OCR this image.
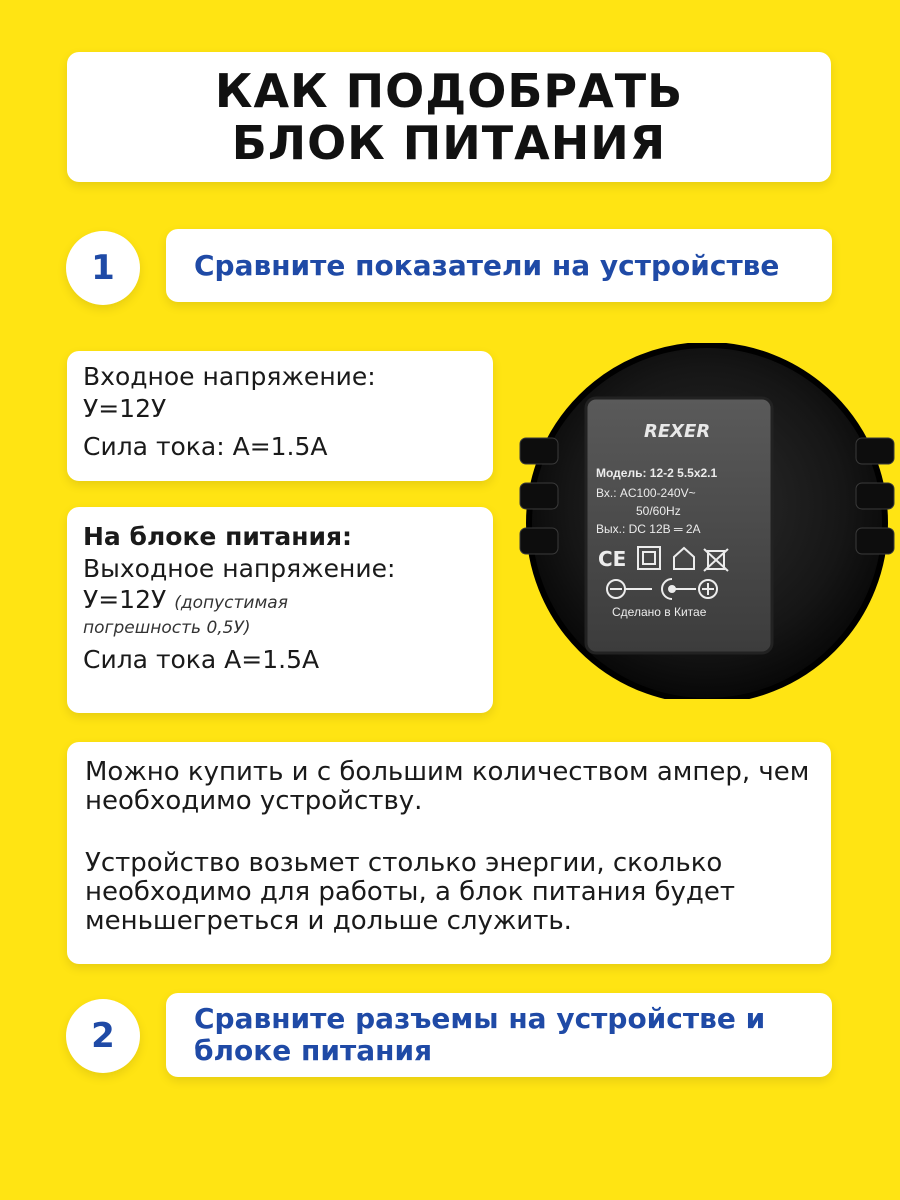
КАК ПОДОБРАТЬ
БЛОК ПИТАНИЯ
1	Сравните показатели на устройстве
Входное напряжение:
У=12У
Сила тока: А=1.5А
На блоке питания:
Выходное напряжение:
У=12У (допустимая
погрешность 0,5У)
Сила тока А=1.5А
REXER
Модель: 12-2 5.5x2.1
Вх.: AC100-240V~
50/60Hz
Вых.: DC 12В ═ 2А
CE
Сделано в Китае

Можно купить и с большим количеством ампер, чем необходимо устройству.

Устройство возьмет столько энергии, сколько необходимо для работы, а блок питания будет меньшегреться и дольше служить.

2	Сравните разъемы на устройстве и блоке питания
